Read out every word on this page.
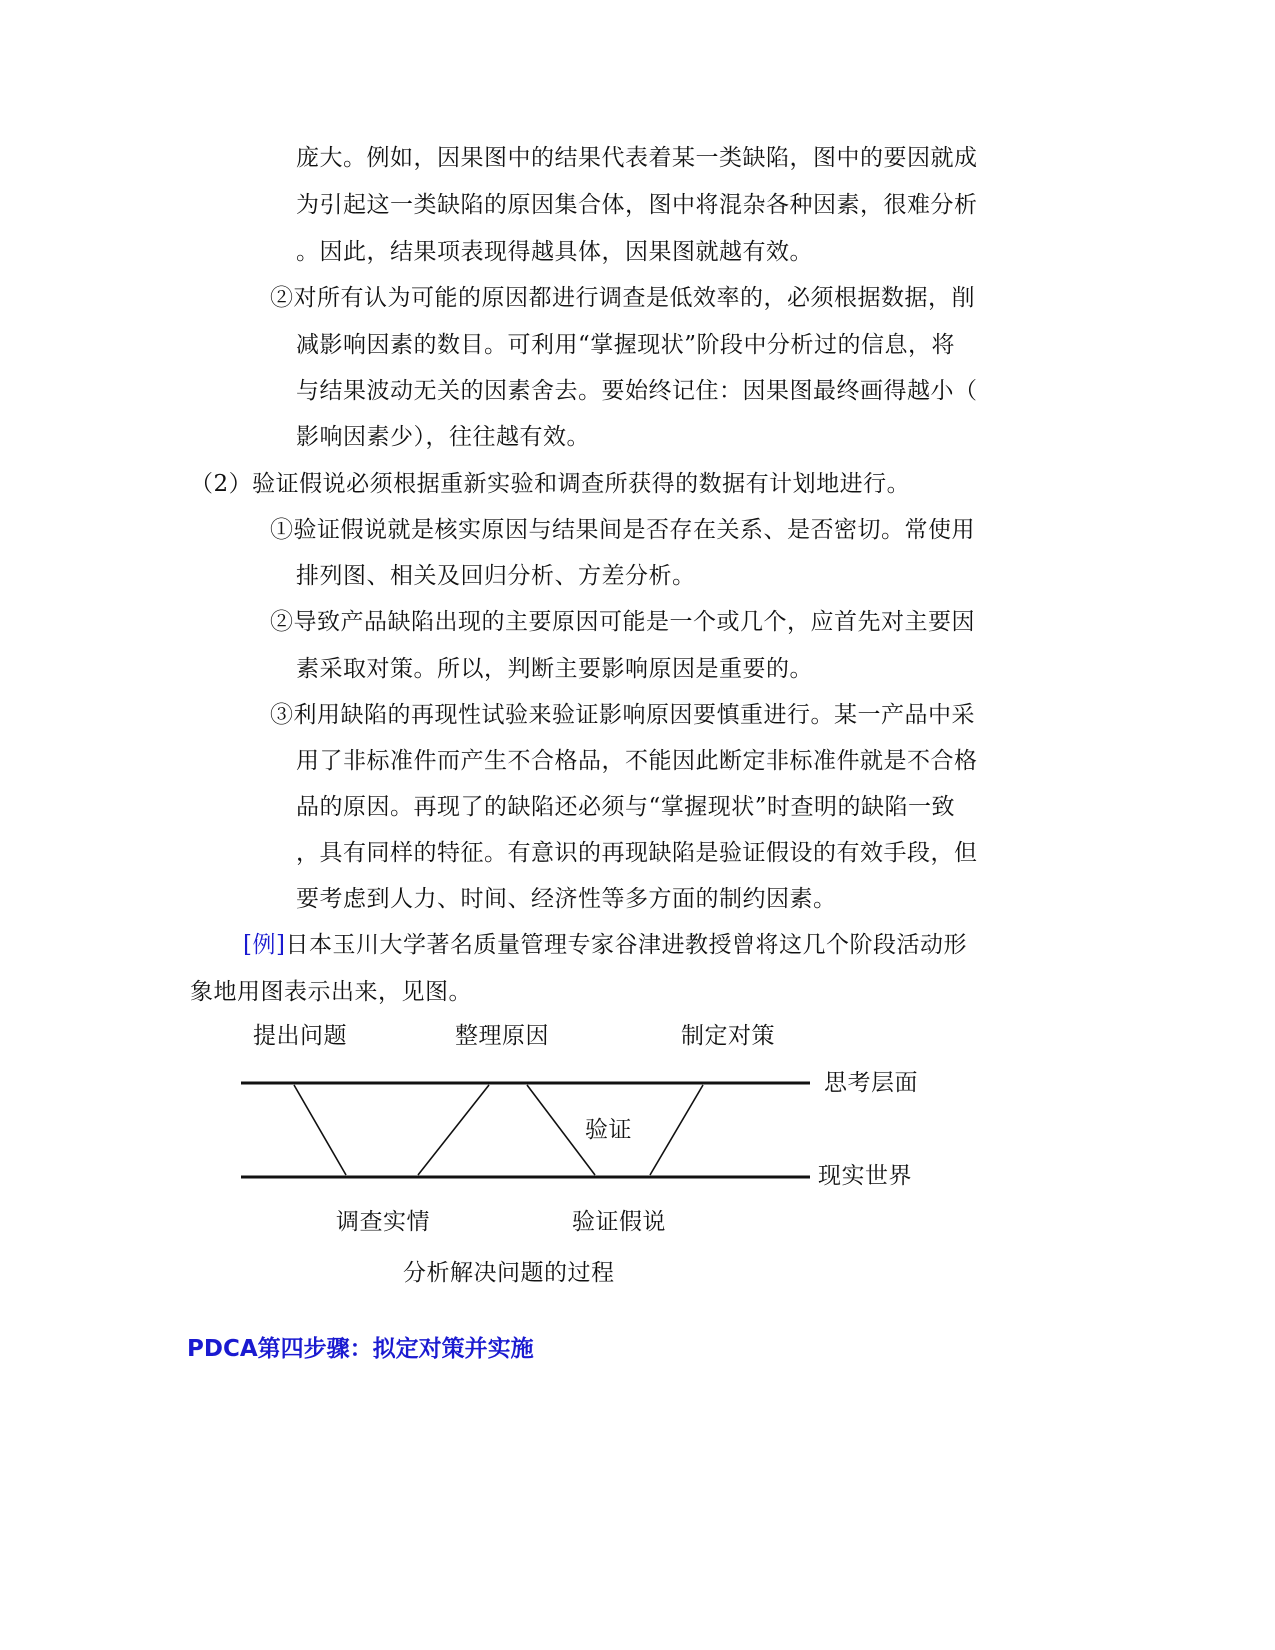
庞大。例如，因果图中的结果代表着某一类缺陷，图中的要因就成
为引起这一类缺陷的原因集合体，图中将混杂各种因素，很难分析
。因此，结果项表现得越具体，因果图就越有效。
②对所有认为可能的原因都进行调查是低效率的，必须根据数据，削
减影响因素的数目。可利用“掌握现状”阶段中分析过的信息，将
与结果波动无关的因素舍去。要始终记住：因果图最终画得越小（
影响因素少），往往越有效。
（2）验证假说必须根据重新实验和调查所获得的数据有计划地进行。
①验证假说就是核实原因与结果间是否存在关系、是否密切。常使用
排列图、相关及回归分析、方差分析。
②导致产品缺陷出现的主要原因可能是一个或几个，应首先对主要因
素采取对策。所以，判断主要影响原因是重要的。
③利用缺陷的再现性试验来验证影响原因要慎重进行。某一产品中采
用了非标准件而产生不合格品，不能因此断定非标准件就是不合格
品的原因。再现了的缺陷还必须与“掌握现状”时查明的缺陷一致
，具有同样的特征。有意识的再现缺陷是验证假设的有效手段，但
要考虑到人力、时间、经济性等多方面的制约因素。
[例]日本玉川大学著名质量管理专家谷津进教授曾将这几个阶段活动形
象地用图表示出来，见图。
提出问题	整理原因	制定对策
思考层面
现实世界
验证
调查实情	验证假说
分析解决问题的过程
PDCA第四步骤：拟定对策并实施
